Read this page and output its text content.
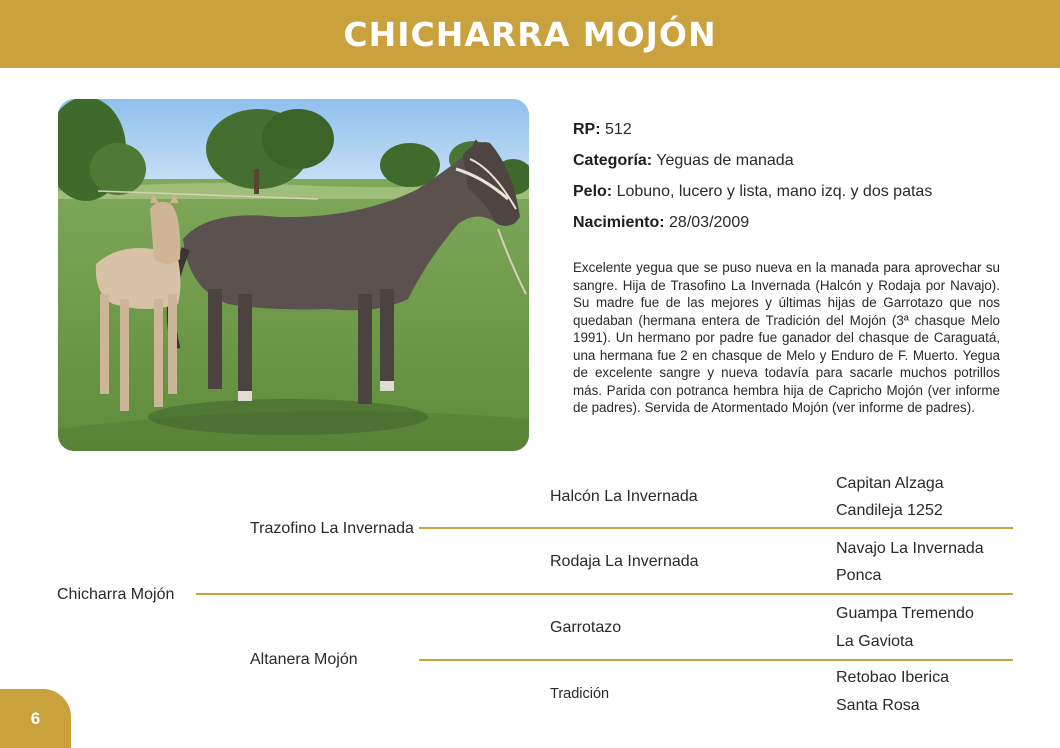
CHICHARRA MOJÓN
RP: 512
Categoría: Yeguas de manada
Pelo: Lobuno, lucero y lista, mano izq. y dos patas
Nacimiento: 28/03/2009
Excelente yegua que se puso nueva en la manada para aprovechar su sangre. Hija de Trasofino La Invernada (Halcón y Rodaja por Navajo). Su madre fue de las mejores y últimas hijas de Garrotazo que nos quedaban (hermana entera de Tradición del Mojón (3ª chasque Melo 1991). Un hermano por padre fue ganador del chasque de Caraguatá, una hermana fue 2 en chasque de Melo y Enduro de F. Muerto. Yegua de excelente sangre y nueva todavía para sacarle muchos potrillos más. Parida con potranca hembra hija de Capricho Mojón (ver informe de padres). Servida de Atormentado Mojón (ver informe de padres).
Chicharra Mojón
Trazofino La Invernada
Altanera Mojón
Halcón La Invernada
Rodaja La Invernada
Garrotazo
Tradición
Capitan Alzaga
Candileja 1252
Navajo La Invernada
Ponca
Guampa Tremendo
La Gaviota
Retobao Iberica
Santa Rosa
6
